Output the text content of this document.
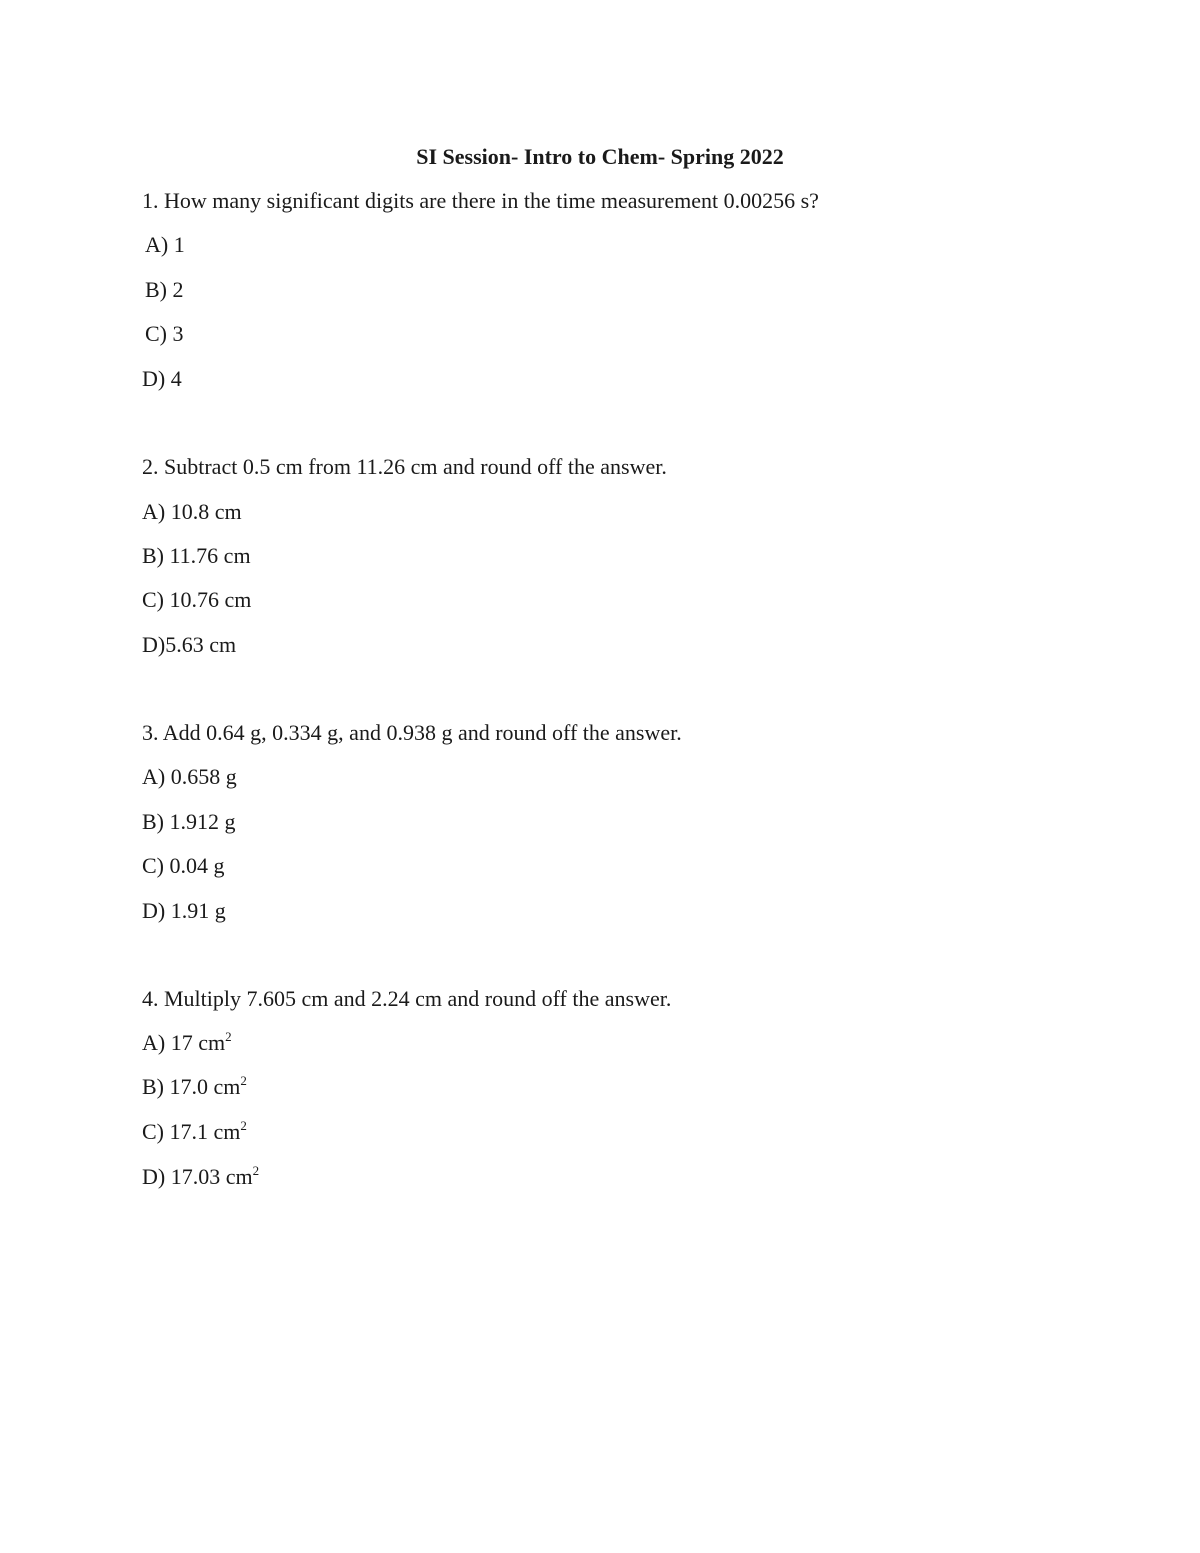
SI Session- Intro to Chem- Spring 2022
1. How many significant digits are there in the time measurement 0.00256 s?
A) 1
B) 2
C) 3
D) 4
2. Subtract 0.5 cm from 11.26 cm and round off the answer.
A) 10.8 cm
B) 11.76 cm
C) 10.76 cm
D)5.63 cm
3. Add 0.64 g, 0.334 g, and 0.938 g and round off the answer.
A) 0.658 g
B) 1.912 g
C) 0.04 g
D) 1.91 g
4. Multiply 7.605 cm and 2.24 cm and round off the answer.
A) 17 $cm^2$
B) 17.0 $cm^2$
C) 17.1 $cm^2$
D) 17.03 $cm^2$
